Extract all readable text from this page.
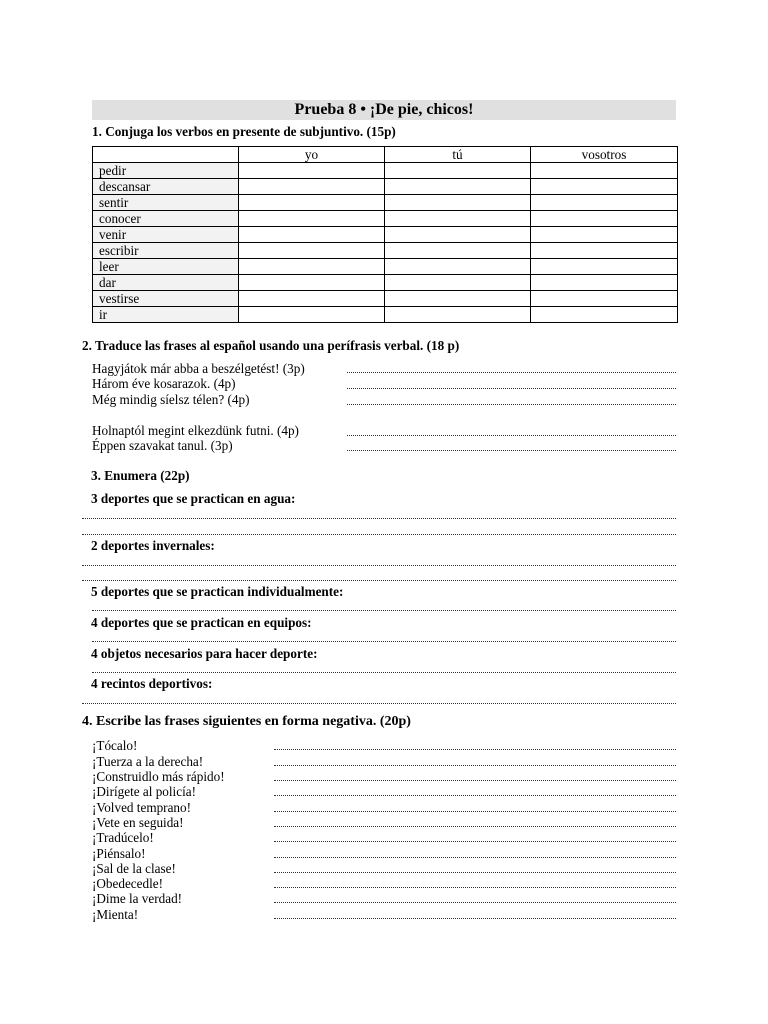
Prueba 8 • ¡De pie, chicos!
1. Conjuga los verbos en presente de subjuntivo. (15p)
	yo	tú	vosotros
pedir			
descansar			
sentir			
conocer			
venir			
escribir			
leer			
dar			
vestirse			
ir			
2. Traduce las frases al español usando una perífrasis verbal. (18 p)
Hagyjátok már abba a beszélgetést! (3p)
Három éve kosarazok. (4p)
Még mindig síelsz télen? (4p)
Holnaptól megint elkezdünk futni. (4p)
Éppen szavakat tanul. (3p)
3. Enumera (22p)
3 deportes que se practican en agua:
2 deportes invernales:
5 deportes que se practican individualmente:
4 deportes que se practican en equipos:
4 objetos necesarios para hacer deporte:
4 recintos deportivos:
4. Escribe las frases siguientes en forma negativa. (20p)
¡Tócalo!
¡Tuerza a la derecha!
¡Construidlo más rápido!
¡Dirígete al policía!
¡Volved temprano!
¡Vete en seguida!
¡Tradúcelo!
¡Piénsalo!
¡Sal de la clase!
¡Obedecedle!
¡Dime la verdad!
¡Mienta!
